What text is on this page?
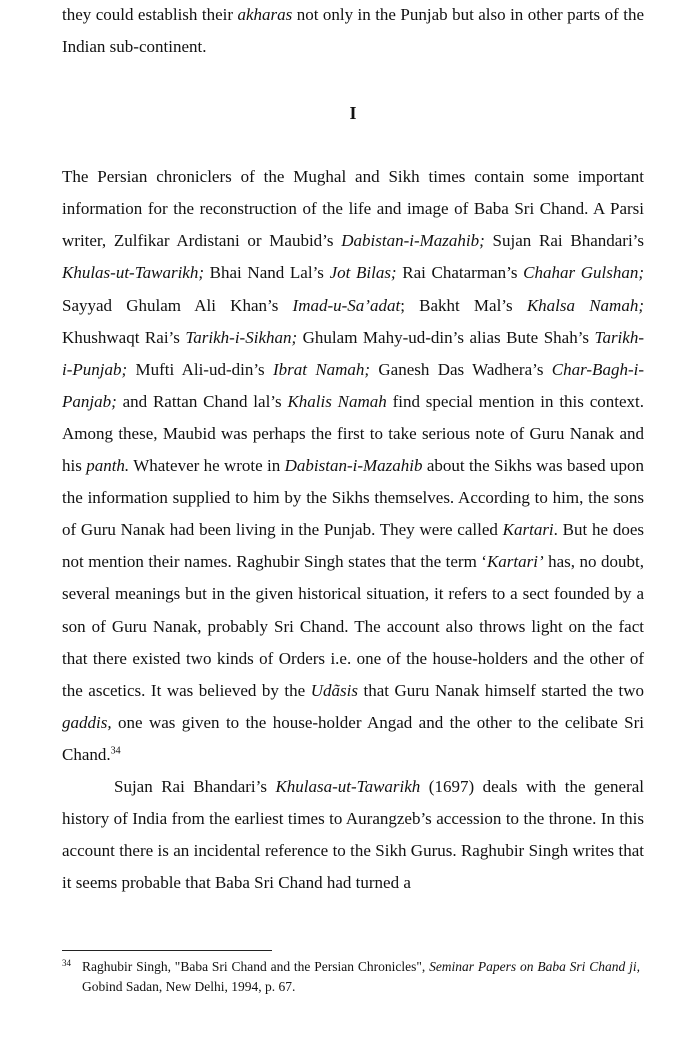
they could establish their akharas not only in the Punjab but also in other parts of the Indian sub-continent.

I

The Persian chroniclers of the Mughal and Sikh times contain some important information for the reconstruction of the life and image of Baba Sri Chand. A Parsi writer, Zulfikar Ardistani or Maubid’s Dabistan-i-Mazahib; Sujan Rai Bhandari’s Khulas-ut-Tawarikh; Bhai Nand Lal’s Jot Bilas; Rai Chatarman’s Chahar Gulshan; Sayyad Ghulam Ali Khan’s Imad-u-Sa’adat; Bakht Mal’s Khalsa Namah; Khushwaqt Rai’s Tarikh-i-Sikhan; Ghulam Mahy-ud-din’s alias Bute Shah’s Tarikh-i-Punjab; Mufti Ali-ud-din’s Ibrat Namah; Ganesh Das Wadhera’s Char-Bagh-i-Panjab; and Rattan Chand lal’s Khalis Namah find special mention in this context. Among these, Maubid was perhaps the first to take serious note of Guru Nanak and his panth. Whatever he wrote in Dabistan-i-Mazahib about the Sikhs was based upon the information supplied to him by the Sikhs themselves. According to him, the sons of Guru Nanak had been living in the Punjab. They were called Kartari. But he does not mention their names. Raghubir Singh states that the term ‘Kartari’ has, no doubt, several meanings but in the given historical situation, it refers to a sect founded by a son of Guru Nanak, probably Sri Chand. The account also throws light on the fact that there existed two kinds of Orders i.e. one of the house-holders and the other of the ascetics. It was believed by the Udãsis that Guru Nanak himself started the two gaddis, one was given to the house-holder Angad and the other to the celibate Sri Chand.$^{34}$

Sujan Rai Bhandari’s Khulasa-ut-Tawarikh (1697) deals with the general history of India from the earliest times to Aurangzeb’s accession to the throne. In this account there is an incidental reference to the Sikh Gurus. Raghubir Singh writes that it seems probable that Baba Sri Chand had turned a

34 Raghubir Singh, "Baba Sri Chand and the Persian Chronicles", Seminar Papers on Baba Sri Chand ji, Gobind Sadan, New Delhi, 1994, p. 67.
